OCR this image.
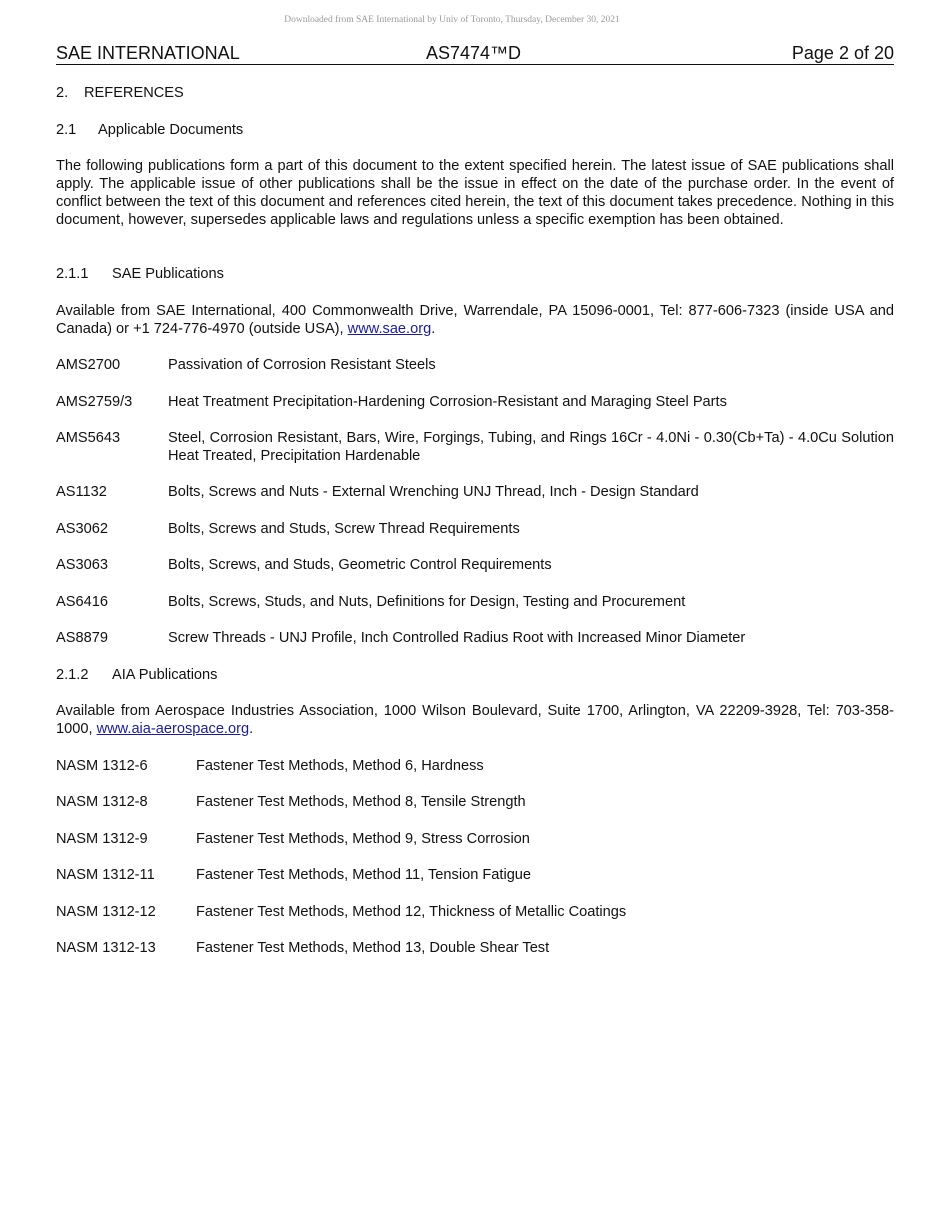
Downloaded from SAE International by Univ of Toronto, Thursday, December 30, 2021
SAE INTERNATIONAL	AS7474™D	Page 2 of 20
2. REFERENCES
2.1 Applicable Documents
The following publications form a part of this document to the extent specified herein. The latest issue of SAE publications shall apply. The applicable issue of other publications shall be the issue in effect on the date of the purchase order. In the event of conflict between the text of this document and references cited herein, the text of this document takes precedence. Nothing in this document, however, supersedes applicable laws and regulations unless a specific exemption has been obtained.
2.1.1 SAE Publications
Available from SAE International, 400 Commonwealth Drive, Warrendale, PA 15096-0001, Tel: 877-606-7323 (inside USA and Canada) or +1 724-776-4970 (outside USA), www.sae.org.
AMS2700	Passivation of Corrosion Resistant Steels
AMS2759/3 Heat Treatment Precipitation-Hardening Corrosion-Resistant and Maraging Steel Parts
AMS5643	Steel, Corrosion Resistant, Bars, Wire, Forgings, Tubing, and Rings 16Cr - 4.0Ni - 0.30(Cb+Ta) - 4.0Cu Solution Heat Treated, Precipitation Hardenable
AS1132	Bolts, Screws and Nuts - External Wrenching UNJ Thread, Inch - Design Standard
AS3062	Bolts, Screws and Studs, Screw Thread Requirements
AS3063	Bolts, Screws, and Studs, Geometric Control Requirements
AS6416	Bolts, Screws, Studs, and Nuts, Definitions for Design, Testing and Procurement
AS8879	Screw Threads - UNJ Profile, Inch Controlled Radius Root with Increased Minor Diameter
2.1.2 AIA Publications
Available from Aerospace Industries Association, 1000 Wilson Boulevard, Suite 1700, Arlington, VA 22209-3928, Tel: 703-358-1000, www.aia-aerospace.org.
NASM 1312-6	Fastener Test Methods, Method 6, Hardness
NASM 1312-8	Fastener Test Methods, Method 8, Tensile Strength
NASM 1312-9	Fastener Test Methods, Method 9, Stress Corrosion
NASM 1312-11	Fastener Test Methods, Method 11, Tension Fatigue
NASM 1312-12	Fastener Test Methods, Method 12, Thickness of Metallic Coatings
NASM 1312-13	Fastener Test Methods, Method 13, Double Shear Test
